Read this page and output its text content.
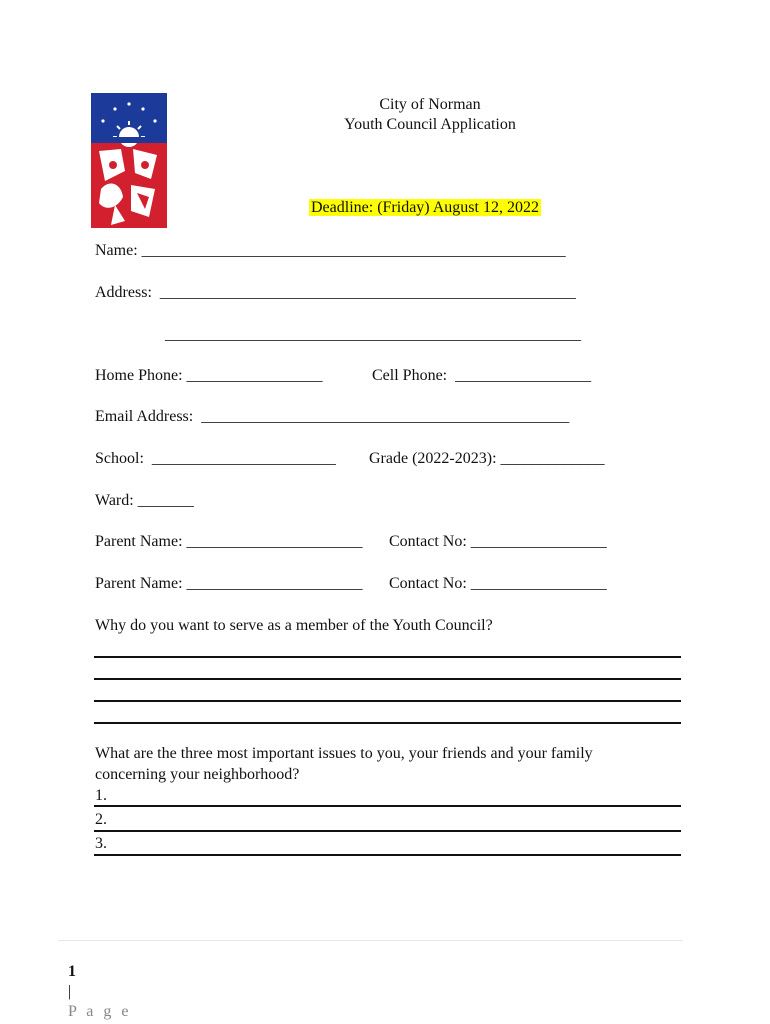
City of Norman
Youth Council Application

Deadline: (Friday) August 12, 2022

Name: _____________________________________________________
Address:  ____________________________________________________
____________________________________________________
Home Phone: _________________	Cell Phone:  _________________
Email Address:  ______________________________________________
School:  _______________________ Grade (2022-2023): _____________
Ward: _______
Parent Name: ______________________ Contact No: _________________
Parent Name: ______________________ Contact No: _________________
Why do you want to serve as a member of the Youth Council?
What are the three most important issues to you, your friends and your family
concerning your neighborhood?
1.
2.
3.

1
|
P a g e
